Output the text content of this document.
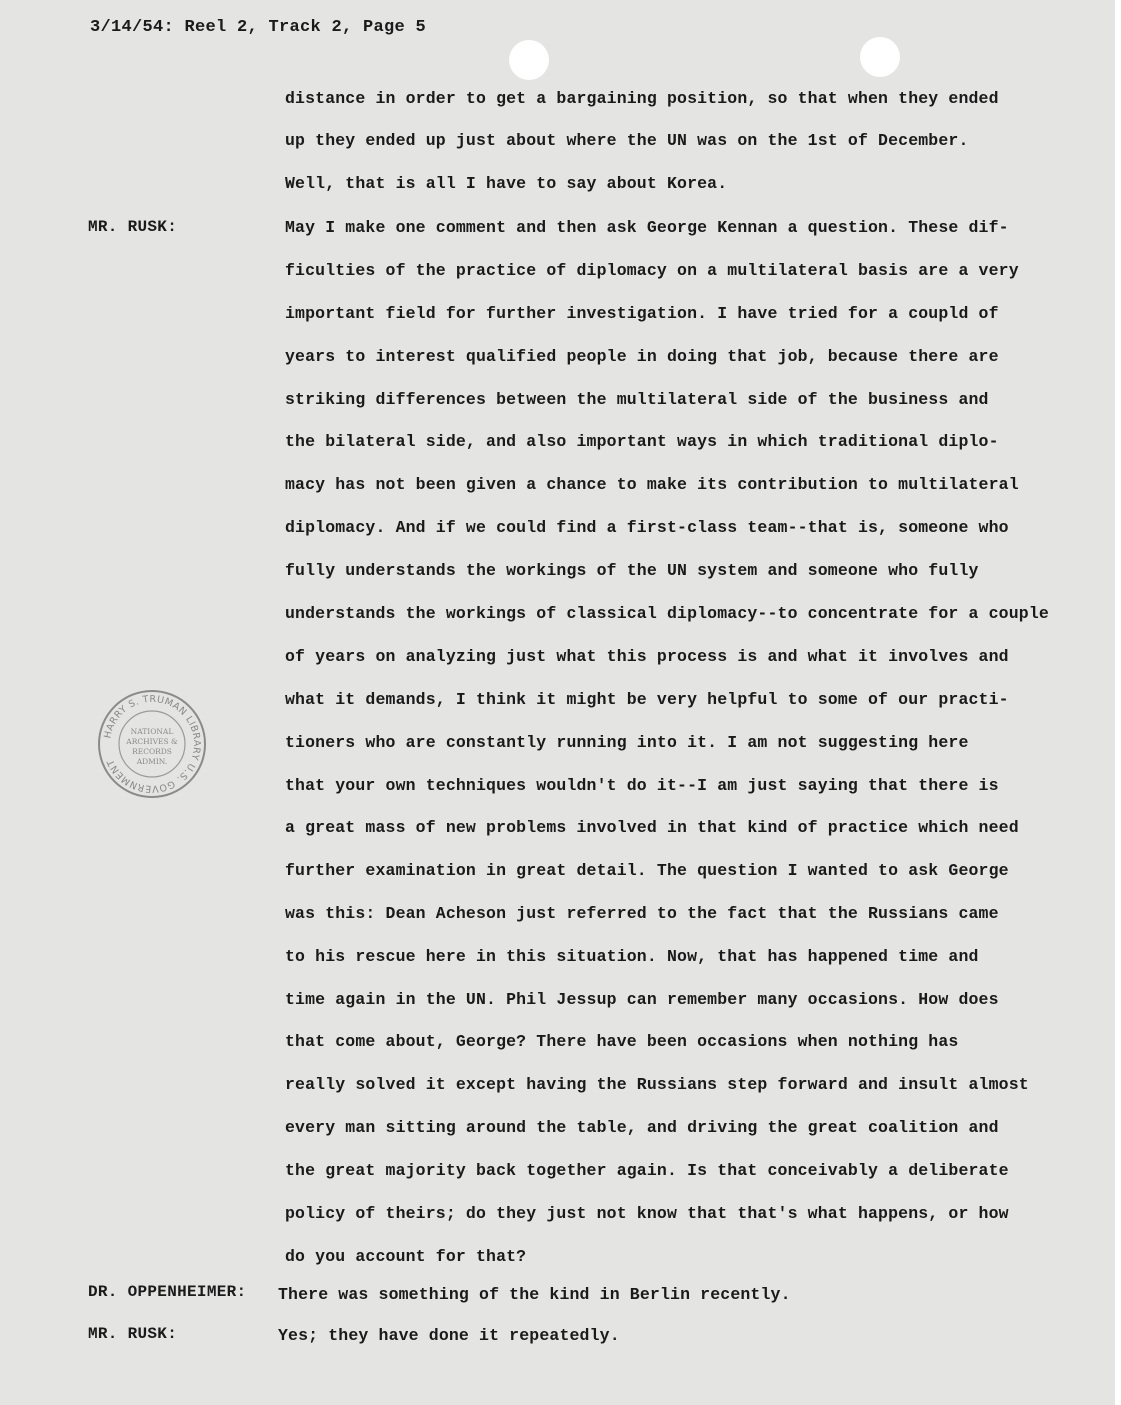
3/14/54: Reel 2, Track 2, Page 5
MR. RUSK:
DR. OPPENHEIMER:
MR. RUSK:
distance in order to get a bargaining position, so that when they ended
up they ended up just about where the UN was on the 1st of December.
Well, that is all I have to say about Korea.
May I make one comment and then ask George Kennan a question. These dif-
ficulties of the practice of diplomacy on a multilateral basis are a very
important field for further investigation. I have tried for a coupld of
years to interest qualified people in doing that job, because there are
striking differences between the multilateral side of the business and
the bilateral side, and also important ways in which traditional diplo-
macy has not been given a chance to make its contribution to multilateral
diplomacy. And if we could find a first-class team--that is, someone who
fully understands the workings of the UN system and someone who fully
understands the workings of classical diplomacy--to concentrate for a couple
of years on analyzing just what this process is and what it involves and
what it demands, I think it might be very helpful to some of our practi-
tioners who are constantly running into it. I am not suggesting here
that your own techniques wouldn't do it--I am just saying that there is
a great mass of new problems involved in that kind of practice which need
further examination in great detail. The question I wanted to ask George
was this: Dean Acheson just referred to the fact that the Russians came
to his rescue here in this situation. Now, that has happened time and
time again in the UN. Phil Jessup can remember many occasions. How does
that come about, George? There have been occasions when nothing has
really solved it except having the Russians step forward and insult almost
every man sitting around the table, and driving the great coalition and
the great majority back together again. Is that conceivably a deliberate
policy of theirs; do they just not know that that's what happens, or how
do you account for that?
There was something of the kind in Berlin recently.
Yes; they have done it repeatedly.
HARRY S. TRUMAN LIBRARY U.S. GOVERNMENT
NATIONAL
ARCHIVES &
RECORDS
ADMIN.
